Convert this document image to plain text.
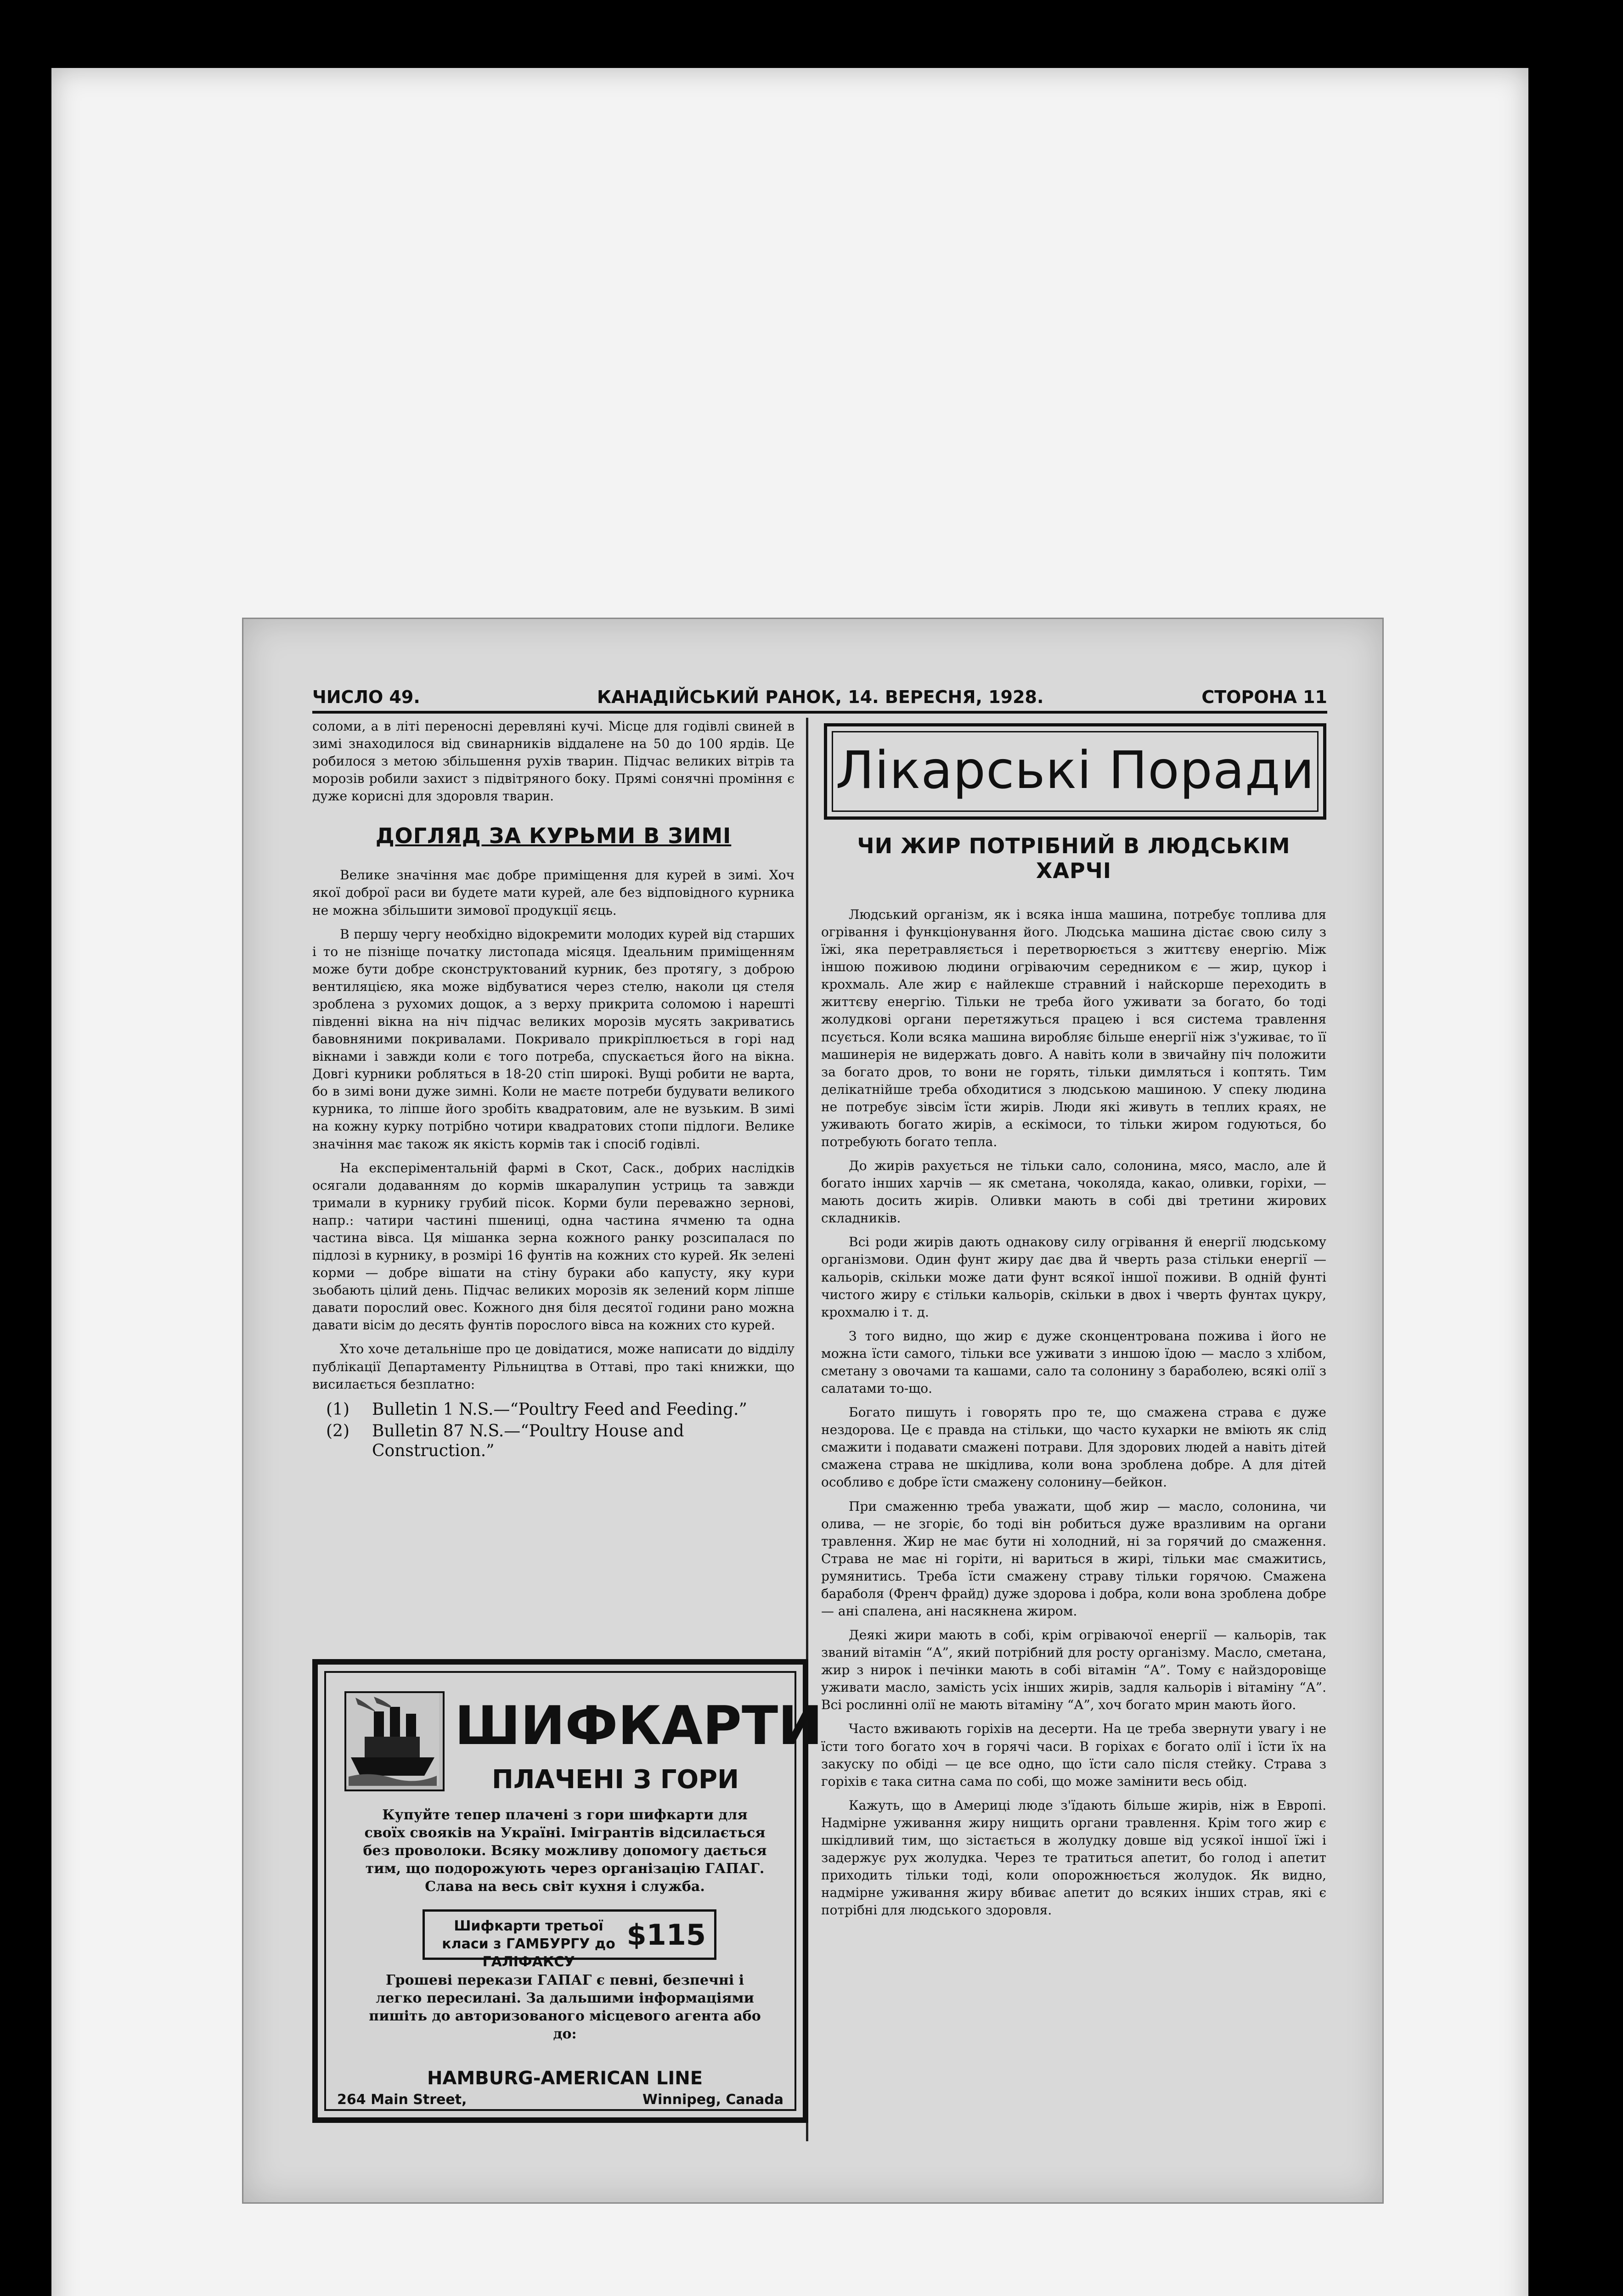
ЧИСЛО 49.	КАНАДІЙСЬКИЙ РАНОК, 14. ВЕРЕСНЯ, 1928.	СТОРОНА 11

соломи, а в літі переносні деревляні кучі. Місце для годівлі свиней в зимі знаходилося від свинарників віддалене на 50 до 100 ярдів. Це робилося з метою збільшення рухів тварин. Підчас великих вітрів та морозів робили захист з підвітряного боку. Прямі сонячні проміння є дуже корисні для здоровля тварин.

ДОГЛЯД ЗА КУРЬМИ В ЗИМІ

Велике значіння має добре приміщення для курей в зимі. Хоч якої доброї раси ви будете мати курей, але без відповідного курника не можна збільшити зимової продукції яєць.

В першу чергу необхідно відокремити молодих курей від старших і то не пізніще початку листопада місяця. Ідеальним приміщенням може бути добре сконструктований курник, без протягу, з доброю вентиляцією, яка може відбуватися через стелю, наколи ця стеля зроблена з рухомих дощок, а з верху прикрита соломою і нарешті південні вікна на ніч підчас великих морозів мусять закриватись бавовняними покривалами. Покривало прикріплюється в горі над вікнами і завжди коли є того потреба, спускається його на вікна. Довгі курники робляться в 18-20 стіп широкі. Вущі робити не варта, бо в зимі вони дуже зимні. Коли не маєте потреби будувати великого курника, то ліпше його зробіть квадратовим, але не вузьким. В зимі на кожну курку потрібно чотири квадратових стопи підлоги. Велике значіння має також як якість кормів так і спосіб годівлі.

На експеріментальній фармі в Скот, Саск., добрих наслідків осягали додаванням до кормів шкаралупин устриць та завжди тримали в курнику грубий пісок. Корми були переважно зернові, напр.: чатири частині пшениці, одна частина ячменю та одна частина вівса. Ця мішанка зерна кожного ранку розсипалася по підлозі в курнику, в розмірі 16 фунтів на кожних сто курей. Як зелені корми — добре вішати на стіну бураки або капусту, яку кури зьобають цілий день. Підчас великих морозів як зелений корм ліпше давати порослий овес. Кожного дня біля десятої години рано можна давати вісім до десять фунтів порослого вівса на кожних сто курей.

Хто хоче детальніше про це довідатися, може написати до відділу публікації Департаменту Рільництва в Оттаві, про такі книжки, що висилається безплатно:

(1)	Bulletin 1 N.S.—“Poultry Feed and Feeding.”
(2)	Bulletin 87 N.S.—“Poultry House and Construction.”
ШИФКАРТИ
ПЛАЧЕНІ З ГОРИ
Купуйте тепер плачені з гори шифкарти для своїх свояків на Україні. Імігрантів відсилається без проволоки. Всяку можливу допомогу дається тим, що подорожують через організацію ГАПАГ. Слава на весь світ кухня і служба.
Шифкарти третьої класи з ГАМБУРГУ до ГАЛІФАКСУ
$115
Грошеві перекази ГАПАГ є певні, безпечні і легко пересилані. За дальшими інформаціями пишіть до авторизованого місцевого агента або до:
HAMBURG-AMERICAN LINE
264 Main Street,	Winnipeg, Canada
Лікарські Поради
ЧИ ЖИР ПОТРІБНИЙ В ЛЮДСЬКІМ ХАРЧІ

Людський організм, як і всяка інша машина, потребує топлива для огрівання і функціонування його. Людська машина дістає свою силу з їжі, яка перетравляється і перетворюється з життєву енергію. Між іншою поживою людини огріваючим середником є — жир, цукор і крохмаль. Але жир є найлекше стравний і найскорше переходить в життєву енергію. Тільки не треба його уживати за богато, бо тоді жолудкові органи перетяжуться працею і вся система травлення псується. Коли всяка машина виробляє більше енергії ніж з'уживає, то її машинерія не видержать довго. А навіть коли в звичайну піч положити за богато дров, то вони не горять, тільки димляться і коптять. Тим делікатнійше треба обходитися з людською машиною. У спеку людина не потребує зівсім їсти жирів. Люди які живуть в теплих краях, не уживають богато жирів, а ескімоси, то тільки жиром годуються, бо потребують богато тепла.

До жирів рахується не тільки сало, солонина, мясо, масло, але й богато інших харчів — як сметана, чоколяда, какао, оливки, горіхи, — мають досить жирів. Оливки мають в собі дві третини жирових складників.

Всі роди жирів дають однакову силу огрівання й енергії людському організмови. Один фунт жиру дає два й чверть раза стільки енергії — кальорів, скільки може дати фунт всякої іншої поживи. В одній фунті чистого жиру є стільки кальорів, скільки в двох і чверть фунтах цукру, крохмалю і т. д.

З того видно, що жир є дуже сконцентрована пожива і його не можна їсти самого, тільки все уживати з иншою їдою — масло з хлібом, сметану з овочами та кашами, сало та солонину з бараболею, всякі олії з салатами то-що.

Богато пишуть і говорять про те, що смажена страва є дуже нездорова. Це є правда на стільки, що часто кухарки не вміють як слід смажити і подавати смажені потрави. Для здорових людей а навіть дітей смажена страва не шкідлива, коли вона зроблена добре. А для дітей особливо є добре їсти смажену солонину—бейкон.

При смаженню треба уважати, щоб жир — масло, солонина, чи олива, — не згоріє, бо тоді він робиться дуже вразливим на органи травлення. Жир не має бути ні холодний, ні за горячий до смаження. Страва не має ні горіти, ні вариться в жирі, тільки має смажитись, румянитись. Треба їсти смажену страву тільки горячою. Смажена бараболя (Френч фрайд) дуже здорова і добра, коли вона зроблена добре — ані спалена, ані насякнена жиром.

Деякі жири мають в собі, крім огріваючої енергії — кальорів, так званий вітамін “А”, який потрібний для росту організму. Масло, сметана, жир з нирок і печінки мають в собі вітамін “А”. Тому є найздоровіще уживати масло, замість усіх інших жирів, задля кальорів і вітаміну “А”. Всі рослинні олії не мають вітаміну “А”, хоч богато мрин мають його.

Часто вживають горіхів на десерти. На це треба звернути увагу і не їсти того богато хоч в горячі часи. В горіхах є богато олії і їсти їх на закуску по обіді — це все одно, що їсти сало після стейку. Страва з горіхів є така ситна сама по собі, що може замінити весь обід.

Кажуть, що в Америці люде з'їдають більше жирів, ніж в Европі. Надмірне уживання жиру нищить органи травлення. Крім того жир є шкідливий тим, що зістається в жолудку довше від усякої іншої їжі і задержує рух жолудка. Через те тратиться апетит, бо голод і апетит приходить тільки тоді, коли опорожнюється жолудок. Як видно, надмірне уживання жиру вбиває апетит до всяких інших страв, які є потрібні для людського здоровля.
